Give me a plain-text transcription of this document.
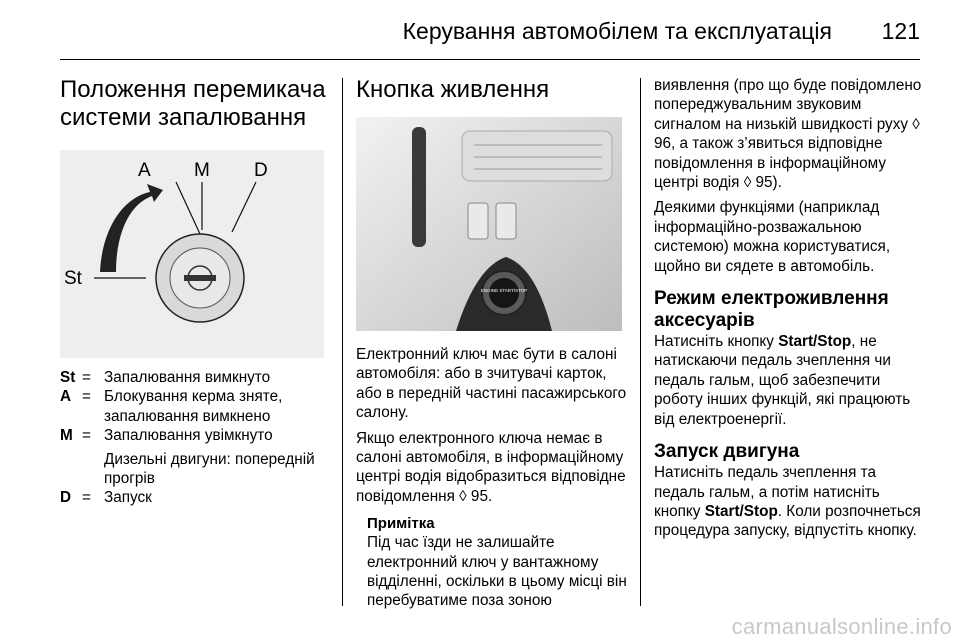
Керування автомобілем та експлуатація 121
Положення перемикача
системи запалювання
A M D
St
St = Запалювання вимкнуто
A = Блокування керма зняте, запалювання вимкнено
M = Запалювання увімкнуто
Дизельні двигуни: попередній прогрів
D = Запуск
Кнопка живлення
ENGINE START/STOP

Електронний ключ має бути в салоні автомобіля: або в зчитувачі карток, або в передній частині пасажирського салону.

Якщо електронного ключа немає в салоні автомобіля, в інформаційному центрі водія відобразиться відповідне повідомлення ◊ 95.

Примітка

Під час їзди не залишайте електронний ключ у вантажному відділенні, оскільки в цьому місці він перебуватиме поза зоною

виявлення (про що буде повідомлено попереджувальним звуковим сигналом на низькій швидкості руху ◊ 96, а також з’явиться відповідне повідомлення в інформаційному центрі водія ◊ 95).

Деякими функціями (наприклад інформаційно-розважальною системою) можна користуватися, щойно ви сядете в автомобіль.

Режим електроживлення аксесуарів

Натисніть кнопку Start/Stop, не натискаючи педаль зчеплення чи педаль гальм, щоб забезпечити роботу інших функцій, які працюють від електроенергії.

Запуск двигуна

Натисніть педаль зчеплення та педаль гальм, а потім натисніть кнопку Start/Stop. Коли розпочнеться процедура запуску, відпустіть кнопку.

carmanualsonline.info
